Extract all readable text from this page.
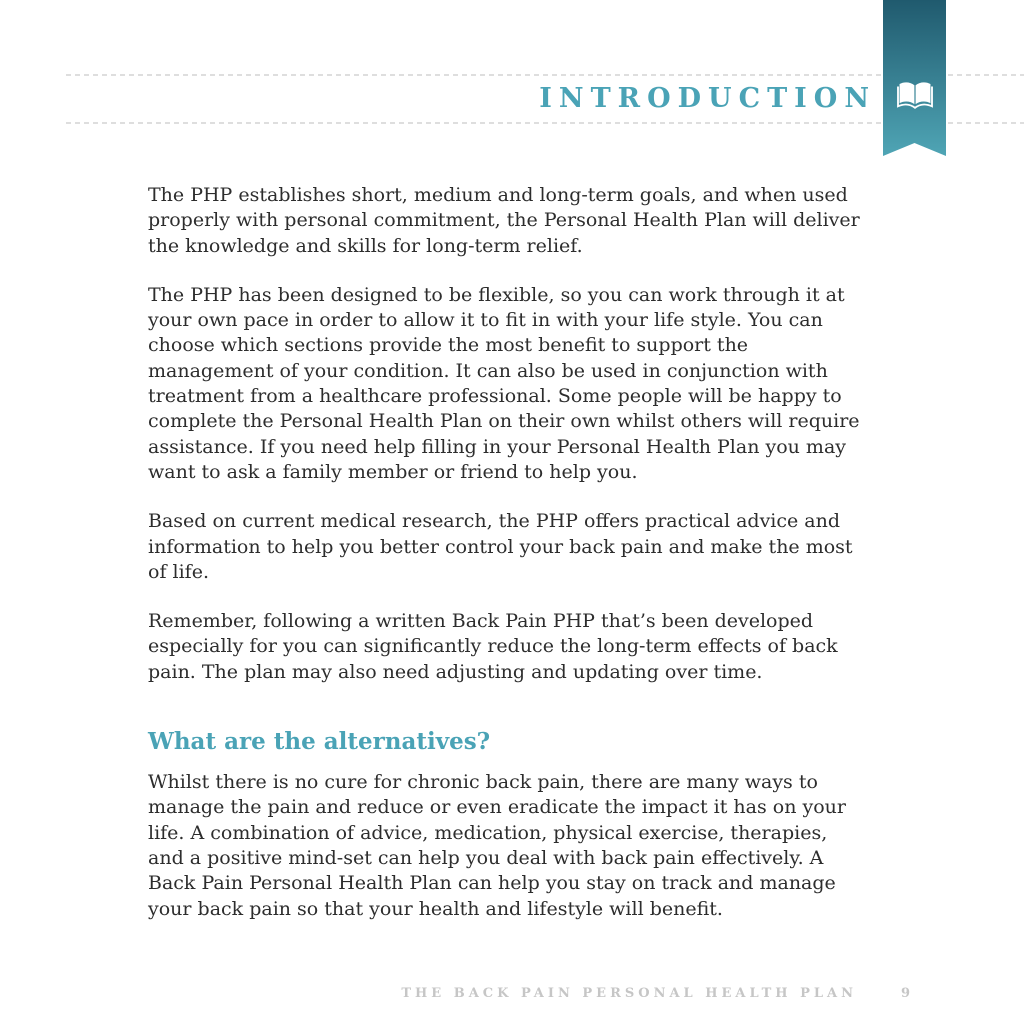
INTRODUCTION

The PHP establishes short, medium and long-term goals, and when used properly with personal commitment, the Personal Health Plan will deliver the knowledge and skills for long-term relief.

The PHP has been designed to be flexible, so you can work through it at your own pace in order to allow it to fit in with your life style. You can choose which sections provide the most benefit to support the management of your condition. It can also be used in conjunction with treatment from a healthcare professional. Some people will be happy to complete the Personal Health Plan on their own whilst others will require assistance. If you need help filling in your Personal Health Plan you may want to ask a family member or friend to help you.

Based on current medical research, the PHP offers practical advice and information to help you better control your back pain and make the most of life.

Remember, following a written Back Pain PHP that’s been developed especially for you can significantly reduce the long-term effects of back pain. The plan may also need adjusting and updating over time.

What are the alternatives?

Whilst there is no cure for chronic back pain, there are many ways to manage the pain and reduce or even eradicate the impact it has on your life. A combination of advice, medication, physical exercise, therapies, and a positive mind-set can help you deal with back pain effectively. A Back Pain Personal Health Plan can help you stay on track and manage your back pain so that your health and lifestyle will benefit.

THE BACK PAIN PERSONAL HEALTH PLAN	9
